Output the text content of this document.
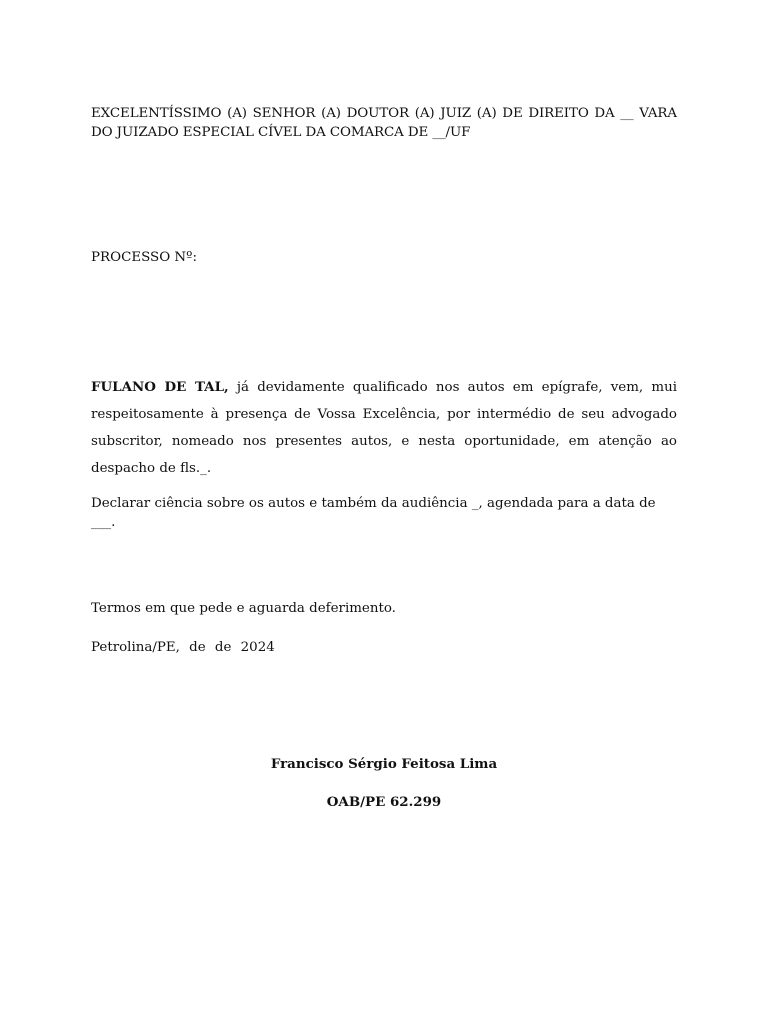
EXCELENTÍSSIMO (A) SENHOR (A) DOUTOR (A) JUIZ (A) DE DIREITO DA __ VARA DO JUIZADO ESPECIAL CÍVEL DA COMARCA DE __/UF
PROCESSO Nº:
FULANO DE TAL, já devidamente qualificado nos autos em epígrafe, vem, mui respeitosamente à presença de Vossa Excelência, por intermédio de seu advogado subscritor, nomeado nos presentes autos, e nesta oportunidade, em atenção ao despacho de fls._.
Declarar ciência sobre os autos e também da audiência _, agendada para a data de ___.
Termos em que pede e aguarda deferimento.
Petrolina/PE, de de 2024
Francisco Sérgio Feitosa Lima
OAB/PE 62.299
